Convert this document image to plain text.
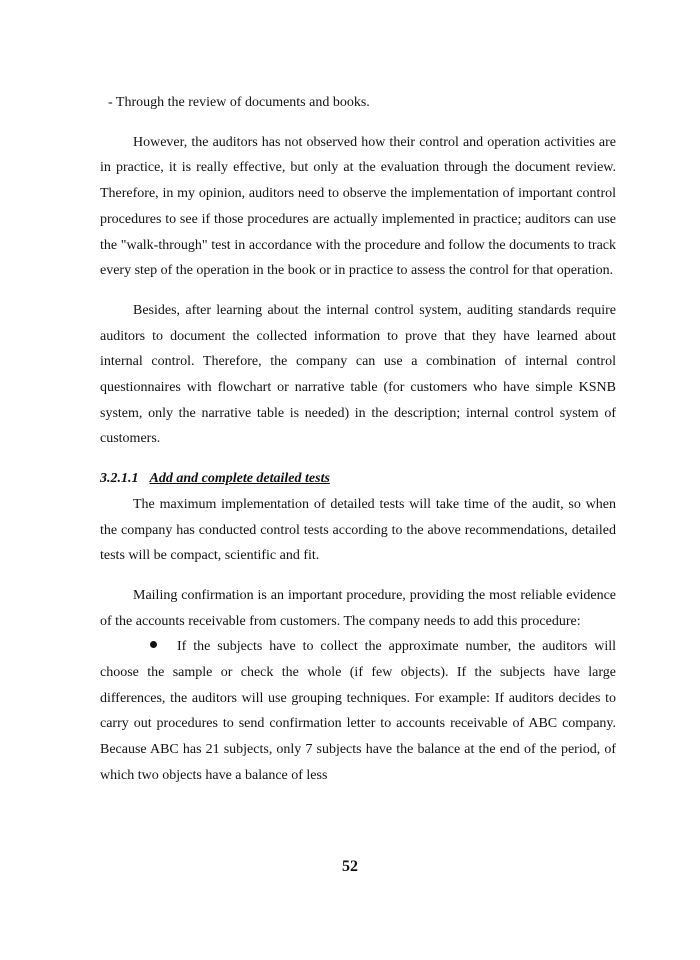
- Through the review of documents and books.

However, the auditors has not observed how their control and operation activities are in practice, it is really effective, but only at the evaluation through the document review. Therefore, in my opinion, auditors need to observe the implementation of important control procedures to see if those procedures are actually implemented in practice; auditors can use the "walk-through" test in accordance with the procedure and follow the documents to track every step of the operation in the book or in practice to assess the control for that operation.

Besides, after learning about the internal control system, auditing standards require auditors to document the collected information to prove that they have learned about internal control. Therefore, the company can use a combination of internal control questionnaires with flowchart or narrative table (for customers who have simple KSNB system, only the narrative table is needed) in the description; internal control system of customers.

3.2.1.1 Add and complete detailed tests

The maximum implementation of detailed tests will take time of the audit, so when the company has conducted control tests according to the above recommendations, detailed tests will be compact, scientific and fit.

Mailing confirmation is an important procedure, providing the most reliable evidence of the accounts receivable from customers. The company needs to add this procedure:

If the subjects have to collect the approximate number, the auditors will choose the sample or check the whole (if few objects). If the subjects have large differences, the auditors will use grouping techniques. For example: If auditors decides to carry out procedures to send confirmation letter to accounts receivable of ABC company. Because ABC has 21 subjects, only 7 subjects have the balance at the end of the period, of which two objects have a balance of less

52
